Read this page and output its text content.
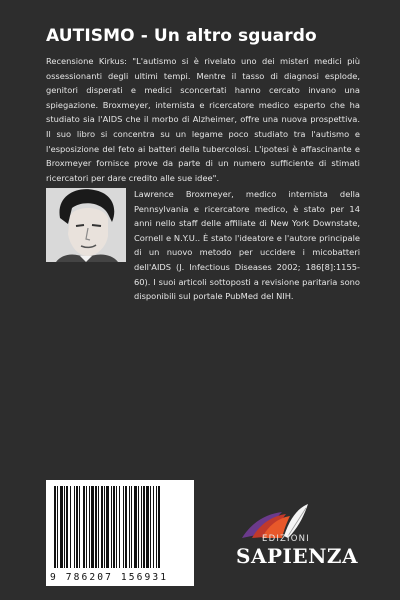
AUTISMO - Un altro sguardo

Recensione Kirkus: "L'autismo si è rivelato uno dei misteri medici più ossessionanti degli ultimi tempi. Mentre il tasso di diagnosi esplode, genitori disperati e medici sconcertati hanno cercato invano una spiegazione. Broxmeyer, internista e ricercatore medico esperto che ha studiato sia l'AIDS che il morbo di Alzheimer, offre una nuova prospettiva. Il suo libro si concentra su un legame poco studiato tra l'autismo e l'esposizione del feto ai batteri della tubercolosi. L'ipotesi è affascinante e Broxmeyer fornisce prove da parte di un numero sufficiente di stimati ricercatori per dare credito alle sue idee".

Lawrence Broxmeyer, medico internista della Pennsylvania e ricercatore medico, è stato per 14 anni nello staff delle affiliate di New York Downstate, Cornell e N.Y.U.. È stato l'ideatore e l'autore principale di un nuovo metodo per uccidere i micobatteri dell'AIDS (J. Infectious Diseases 2002; 186[8]:1155-60). I suoi articoli sottoposti a revisione paritaria sono disponibili sul portale PubMed del NIH.

9 786207 156931
EDIZIONI
SAPIENZA
